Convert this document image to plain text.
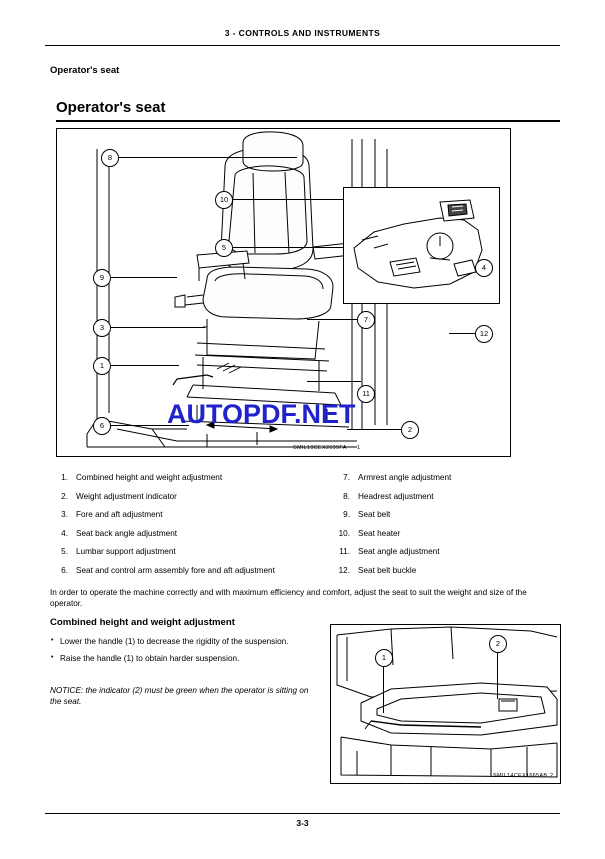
3 - CONTROLS AND INSTRUMENTS
Operator's seat
Operator's seat
8
9
3
1
6
10
5
4
7
12
11
2
AUTOPDF.NET
SMIL19CEX2699FA 1
1. Combined height and weight adjustment
2. Weight adjustment indicator
3. Fore and aft adjustment
4. Seat back angle adjustment
5. Lumbar support adjustment
6. Seat and control arm assembly fore and aft adjustment
7. Armrest angle adjustment
8. Headrest adjustment
9. Seat belt
10. Seat heater
11. Seat angle adjustment
12. Seat belt buckle
In order to operate the machine correctly and with maximum efficiency and comfort, adjust the seat to suit the weight and size of the operator.
Combined height and weight adjustment
• Lower the handle (1) to decrease the rigidity of the suspension.
• Raise the handle (1) to obtain harder suspension.
NOTICE: the indicator (2) must be green when the operator is sitting on the seat.
1
2
SMIL14CEX1665AB 2
3-3
